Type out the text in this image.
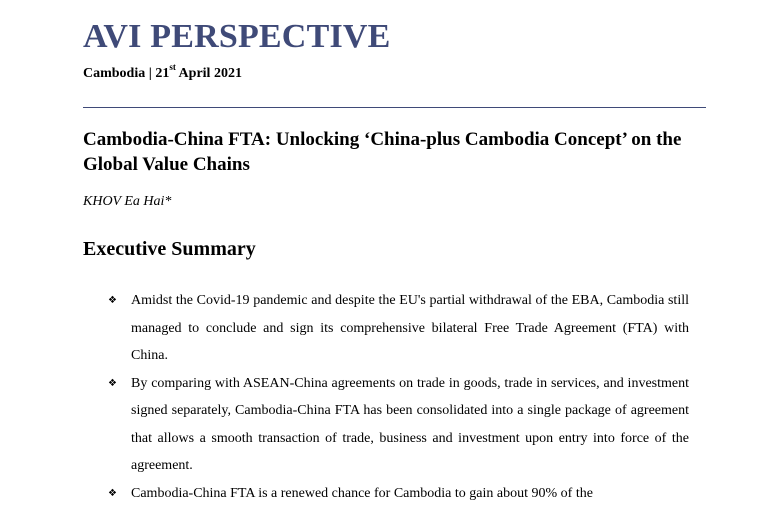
AVI PERSPECTIVE
Cambodia | 21st April 2021
Cambodia-China FTA: Unlocking ‘China-plus Cambodia Concept’ on the Global Value Chains
KHOV Ea Hai*
Executive Summary
❖ Amidst the Covid-19 pandemic and despite the EU's partial withdrawal of the EBA, Cambodia still managed to conclude and sign its comprehensive bilateral Free Trade Agreement (FTA) with China.
❖ By comparing with ASEAN-China agreements on trade in goods, trade in services, and investment signed separately, Cambodia-China FTA has been consolidated into a single package of agreement that allows a smooth transaction of trade, business and investment upon entry into force of the agreement.
❖ Cambodia-China FTA is a renewed chance for Cambodia to gain about 90% of the
